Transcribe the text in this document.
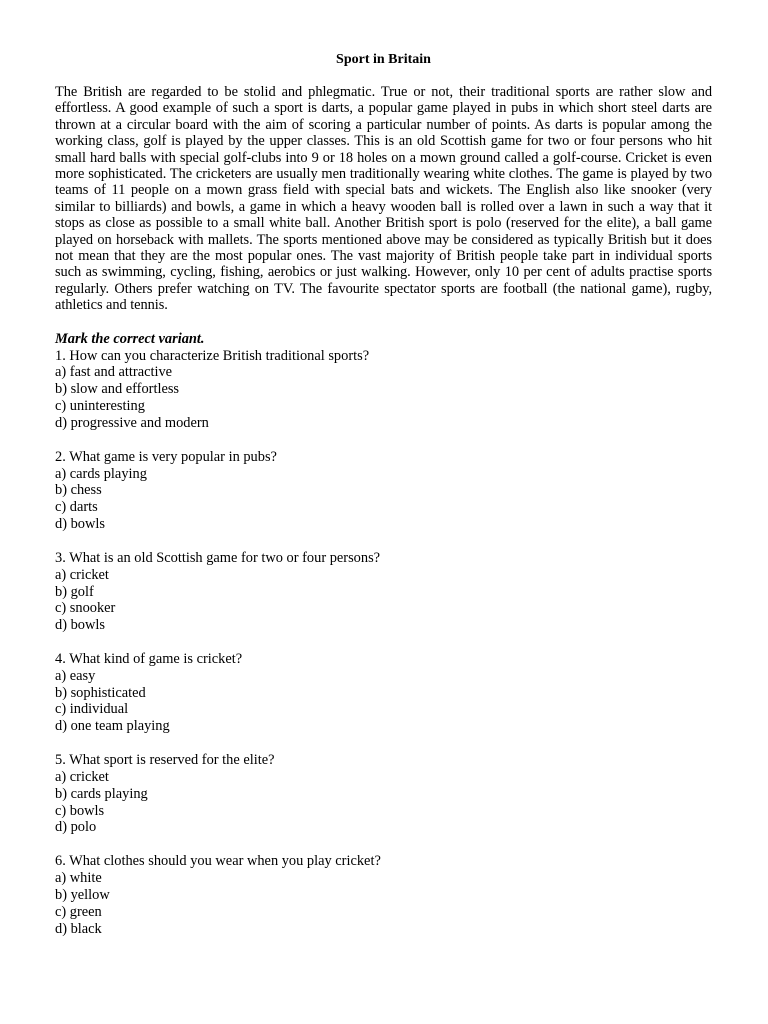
Sport in Britain

The British are regarded to be stolid and phlegmatic. True or not, their traditional sports are rather slow and effortless. A good example of such a sport is darts, a popular game played in pubs in which short steel darts are thrown at a circular board with the aim of scoring a particular number of points. As darts is popular among the working class, golf is played by the upper classes. This is an old Scottish game for two or four persons who hit small hard balls with special golf-clubs into 9 or 18 holes on a mown ground called a golf-course. Cricket is even more sophisticated. The cricketers are usually men traditionally wearing white clothes. The game is played by two teams of 11 people on a mown grass field with special bats and wickets. The English also like snooker (very similar to billiards) and bowls, a game in which a heavy wooden ball is rolled over a lawn in such a way that it stops as close as possible to a small white ball. Another British sport is polo (reserved for the elite), a ball game played on horseback with mallets. The sports mentioned above may be considered as typically British but it does not mean that they are the most popular ones. The vast majority of British people take part in individual sports such as swimming, cycling, fishing, aerobics or just walking. However, only 10 per cent of adults practise sports regularly. Others prefer watching on TV. The favourite spectator sports are football (the national game), rugby, athletics and tennis.

Mark the correct variant.
1. How can you characterize British traditional sports?
a) fast and attractive
b) slow and effortless
c) uninteresting
d) progressive and modern
2. What game is very popular in pubs?
a) cards playing
b) chess
c) darts
d) bowls
3. What is an old Scottish game for two or four persons?
a) cricket
b) golf
c) snooker
d) bowls
4. What kind of game is cricket?
a) easy
b) sophisticated
c) individual
d) one team playing
5. What sport is reserved for the elite?
a) cricket
b) cards playing
c) bowls
d) polo
6. What clothes should you wear when you play cricket?
a) white
b) yellow
c) green
d) black
